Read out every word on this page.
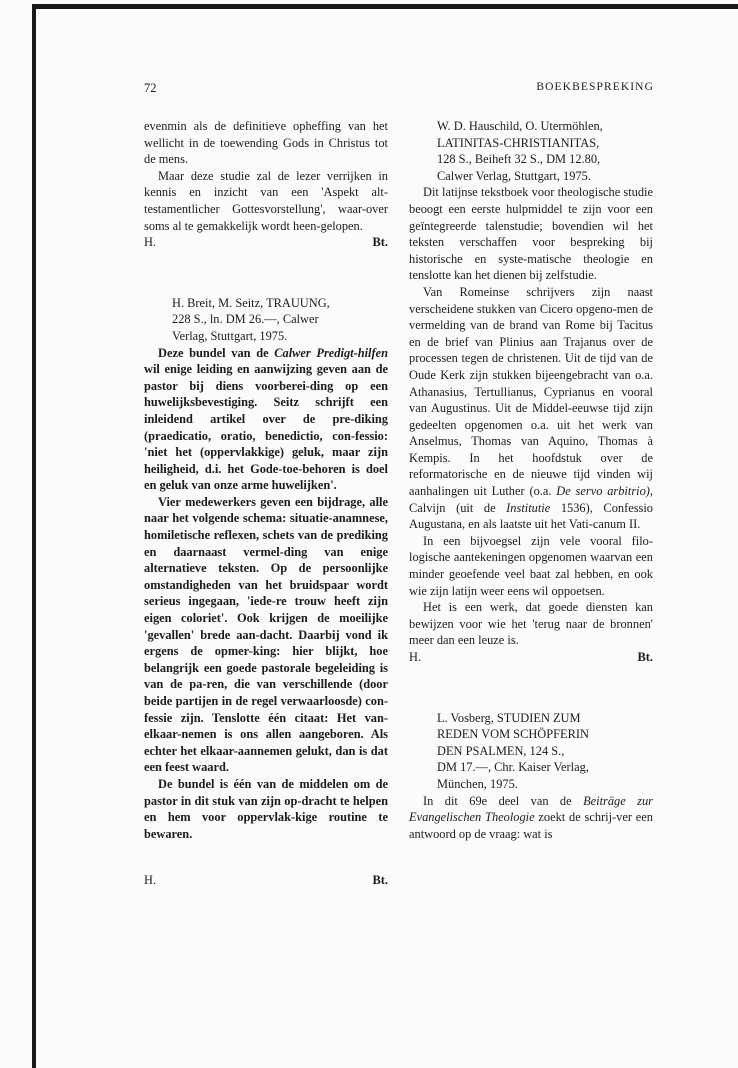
72	BOEKBESPREKING

evenmin als de definitieve opheffing van het wellicht in de toewending Gods in Christus tot de mens.

Maar deze studie zal de lezer verrijken in kennis en inzicht van een 'Aspekt alt-testamentlicher Gottesvorstellung', waar-over soms al te gemakkelijk wordt heen-gelopen.

H.	Bt.

H. Breit, M. Seitz, TRAUUNG,
228 S., ln. DM 26.—, Calwer
Verlag, Stuttgart, 1975.

Deze bundel van de Calwer Predigt-hilfen wil enige leiding en aanwijzing geven aan de pastor bij diens voorberei-ding op een huwelijksbevestiging. Seitz schrijft een inleidend artikel over de pre-diking (praedicatio, oratio, benedictio, con-fessio: 'niet het (oppervlakkige) geluk, maar zijn heiligheid, d.i. het Gode-toe-behoren is doel en geluk van onze arme huwelijken'.

Vier medewerkers geven een bijdrage, alle naar het volgende schema: situatie-anamnese, homiletische reflexen, schets van de prediking en daarnaast vermel-ding van enige alternatieve teksten. Op de persoonlijke omstandigheden van het bruidspaar wordt serieus ingegaan, 'iede-re trouw heeft zijn eigen coloriet'. Ook krijgen de moeilijke 'gevallen' brede aan-dacht. Daarbij vond ik ergens de opmer-king: hier blijkt, hoe belangrijk een goede pastorale begeleiding is van de pa-ren, die van verschillende (door beide partijen in de regel verwaarloosde) con-fessie zijn. Tenslotte één citaat: Het van-elkaar-nemen is ons allen aangeboren. Als echter het elkaar-aannemen gelukt, dan is dat een feest waard.

De bundel is één van de middelen om de pastor in dit stuk van zijn op-dracht te helpen en hem voor oppervlak-kige routine te bewaren.

H.	Bt.

W. D. Hauschild, O. Utermöhlen,
LATINITAS-CHRISTIANITAS,
128 S., Beiheft 32 S., DM 12.80,
Calwer Verlag, Stuttgart, 1975.

Dit latijnse tekstboek voor theologische studie beoogt een eerste hulpmiddel te zijn voor een geïntegreerde talenstudie; bovendien wil het teksten verschaffen voor bespreking bij historische en syste-matische theologie en tenslotte kan het dienen bij zelfstudie.

Van Romeinse schrijvers zijn naast verscheidene stukken van Cicero opgeno-men de vermelding van de brand van Rome bij Tacitus en de brief van Plinius aan Trajanus over de processen tegen de christenen. Uit de tijd van de Oude Kerk zijn stukken bijeengebracht van o.a. Athanasius, Tertullianus, Cyprianus en vooral van Augustinus. Uit de Middel-eeuwse tijd zijn gedeelten opgenomen o.a. uit het werk van Anselmus, Thomas van Aquino, Thomas à Kempis. In het hoofdstuk over de reformatorische en de nieuwe tijd vinden wij aanhalingen uit Luther (o.a. De servo arbitrio), Calvijn (uit de Institutie 1536), Confessio Augustana, en als laatste uit het Vati-canum II.

In een bijvoegsel zijn vele vooral filo-logische aantekeningen opgenomen waarvan een minder geoefende veel baat zal hebben, en ook wie zijn latijn weer eens wil oppoetsen.

Het is een werk, dat goede diensten kan bewijzen voor wie het 'terug naar de bronnen' meer dan een leuze is.

H.	Bt.

L. Vosberg, STUDIEN ZUM
REDEN VOM SCHÖPFERIN
DEN PSALMEN, 124 S.,
DM 17.—, Chr. Kaiser Verlag,
München, 1975.

In dit 69e deel van de Beiträge zur Evangelischen Theologie zoekt de schrij-ver een antwoord op de vraag: wat is
